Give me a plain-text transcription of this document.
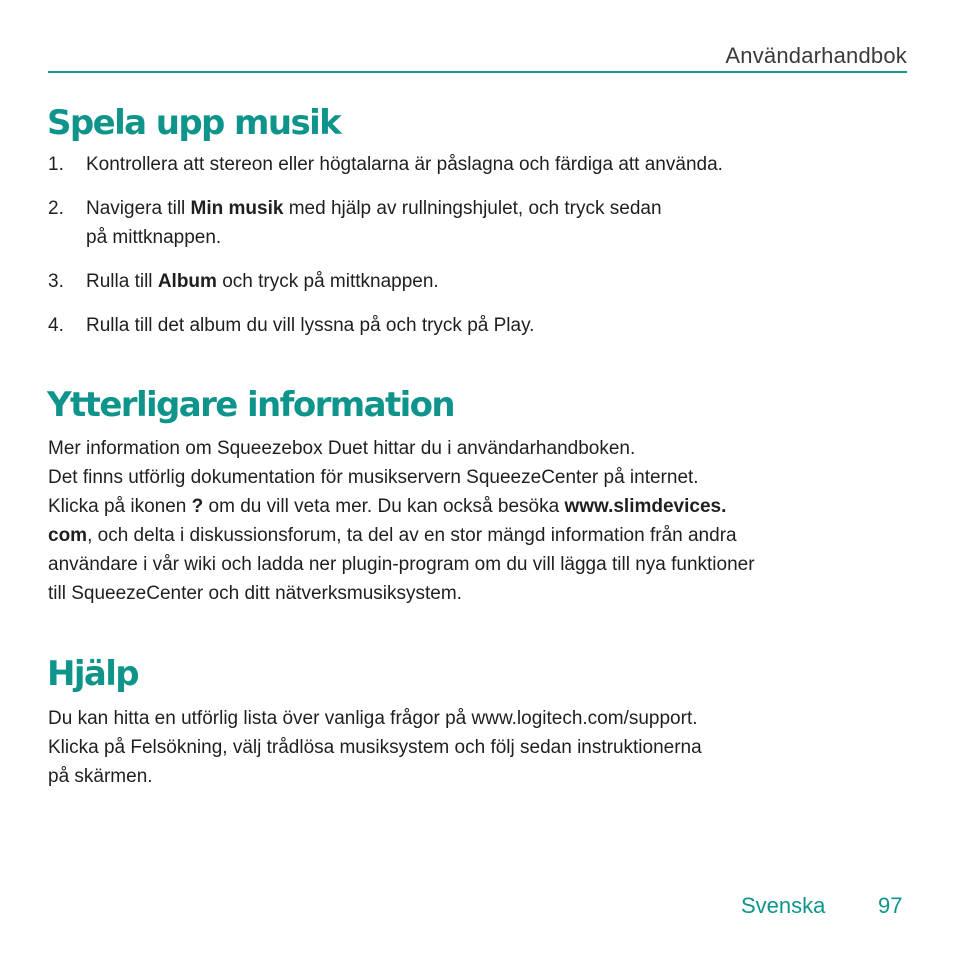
Användarhandbok
Spela upp musik
1. Kontrollera att stereon eller högtalarna är påslagna och färdiga att använda.
2. Navigera till Min musik med hjälp av rullningshjulet, och tryck sedan
på mittknappen.
3. Rulla till Album och tryck på mittknappen.
4. Rulla till det album du vill lyssna på och tryck på Play.
Ytterligare information

Mer information om Squeezebox Duet hittar du i användarhandboken.

Det finns utförlig dokumentation för musikservern SqueezeCenter på internet.

Klicka på ikonen ? om du vill veta mer. Du kan också besöka www.slimdevices.

com, och delta i diskussionsforum, ta del av en stor mängd information från andra

användare i vår wiki och ladda ner plugin-program om du vill lägga till nya funktioner

till SqueezeCenter och ditt nätverksmusiksystem.

Hjälp

Du kan hitta en utförlig lista över vanliga frågor på www.logitech.com/support.

Klicka på Felsökning, välj trådlösa musiksystem och följ sedan instruktionerna

på skärmen.

Svenska 97
